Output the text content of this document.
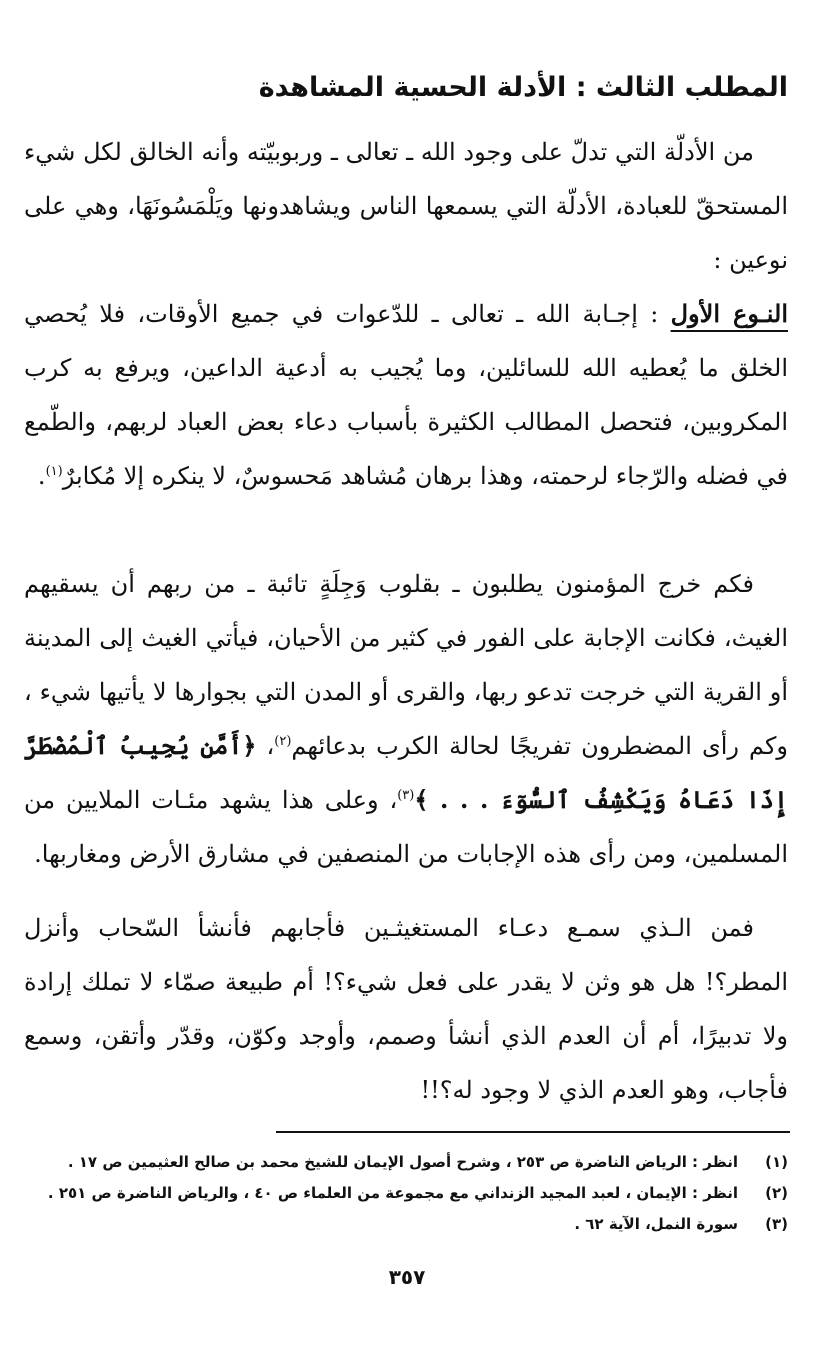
المطلب الثالث : الأدلة الحسية المشاهدة

من الأدلّة التي تدلّ على وجود الله ـ تعالى ـ وربوبيّته وأنه الخالق لكل شيء المستحقّ للعبادة، الأدلّة التي يسمعها الناس ويشاهدونها ويَلْمَسُونَهَا، وهي على نوعين :

النـوع الأول : إجـابة الله ـ تعالى ـ للدّعوات في جميع الأوقات، فلا يُحصي الخلق ما يُعطيه الله للسائلين، وما يُجيب به أدعية الداعين، ويرفع به كرب المكروبين، فتحصل المطالب الكثيرة بأسباب دعاء بعض العباد لربهم، والطّمع في فضله والرّجاء لرحمته، وهذا برهان مُشاهد مَحسوسٌ، لا ينكره إلا مُكابرٌ$^{(١)}$.

فكم خرج المؤمنون يطلبون ـ بقلوب وَجِلَةٍ تائبة ـ من ربهم أن يسقيهم الغيث، فكانت الإجابة على الفور في كثير من الأحيان، فيأتي الغيث إلى المدينة أو القرية التي خرجت تدعو ربها، والقرى أو المدن التي بجوارها لا يأتيها شيء ، وكم رأى المضطرون تفريجًا لحالة الكرب بدعائهم$^{(٢)}$، ﴿أَمَّن يُجِيبُ ٱلْمُضْطَرَّ إِذَا دَعَاهُ وَيَكْشِفُ ٱلسُّوٓءَ . . . ﴾$^{(٣)}$، وعلى هذا يشهد مئـات الملايين من المسلمين، ومن رأى هذه الإجابات من المنصفين في مشارق الأرض ومغاربها.

فمن الـذي سمـع دعـاء المستغيثـين فأجابهم فأنشأ السّحاب وأنزل المطر؟! هل هو وثن لا يقدر على فعل شيء؟! أم طبيعة صمّاء لا تملك إرادة ولا تدبيرًا، أم أن العدم الذي أنشأ وصمم، وأوجد وكوّن، وقدّر وأتقن، وسمع فأجاب، وهو العدم الذي لا وجود له؟!!

(١)
انظر : الرياض الناضرة ص ٢٥٣ ، وشرح أصول الإيمان للشيخ محمد بن صالح العثيمين ص ١٧ .
(٢)
انظر : الإيمان ، لعبد المجيد الزنداني مع مجموعة من العلماء ص ٤٠ ، والرياض الناضرة ص ٢٥١ .
(٣)
سورة النمل، الآية ٦٢ .
٣٥٧
